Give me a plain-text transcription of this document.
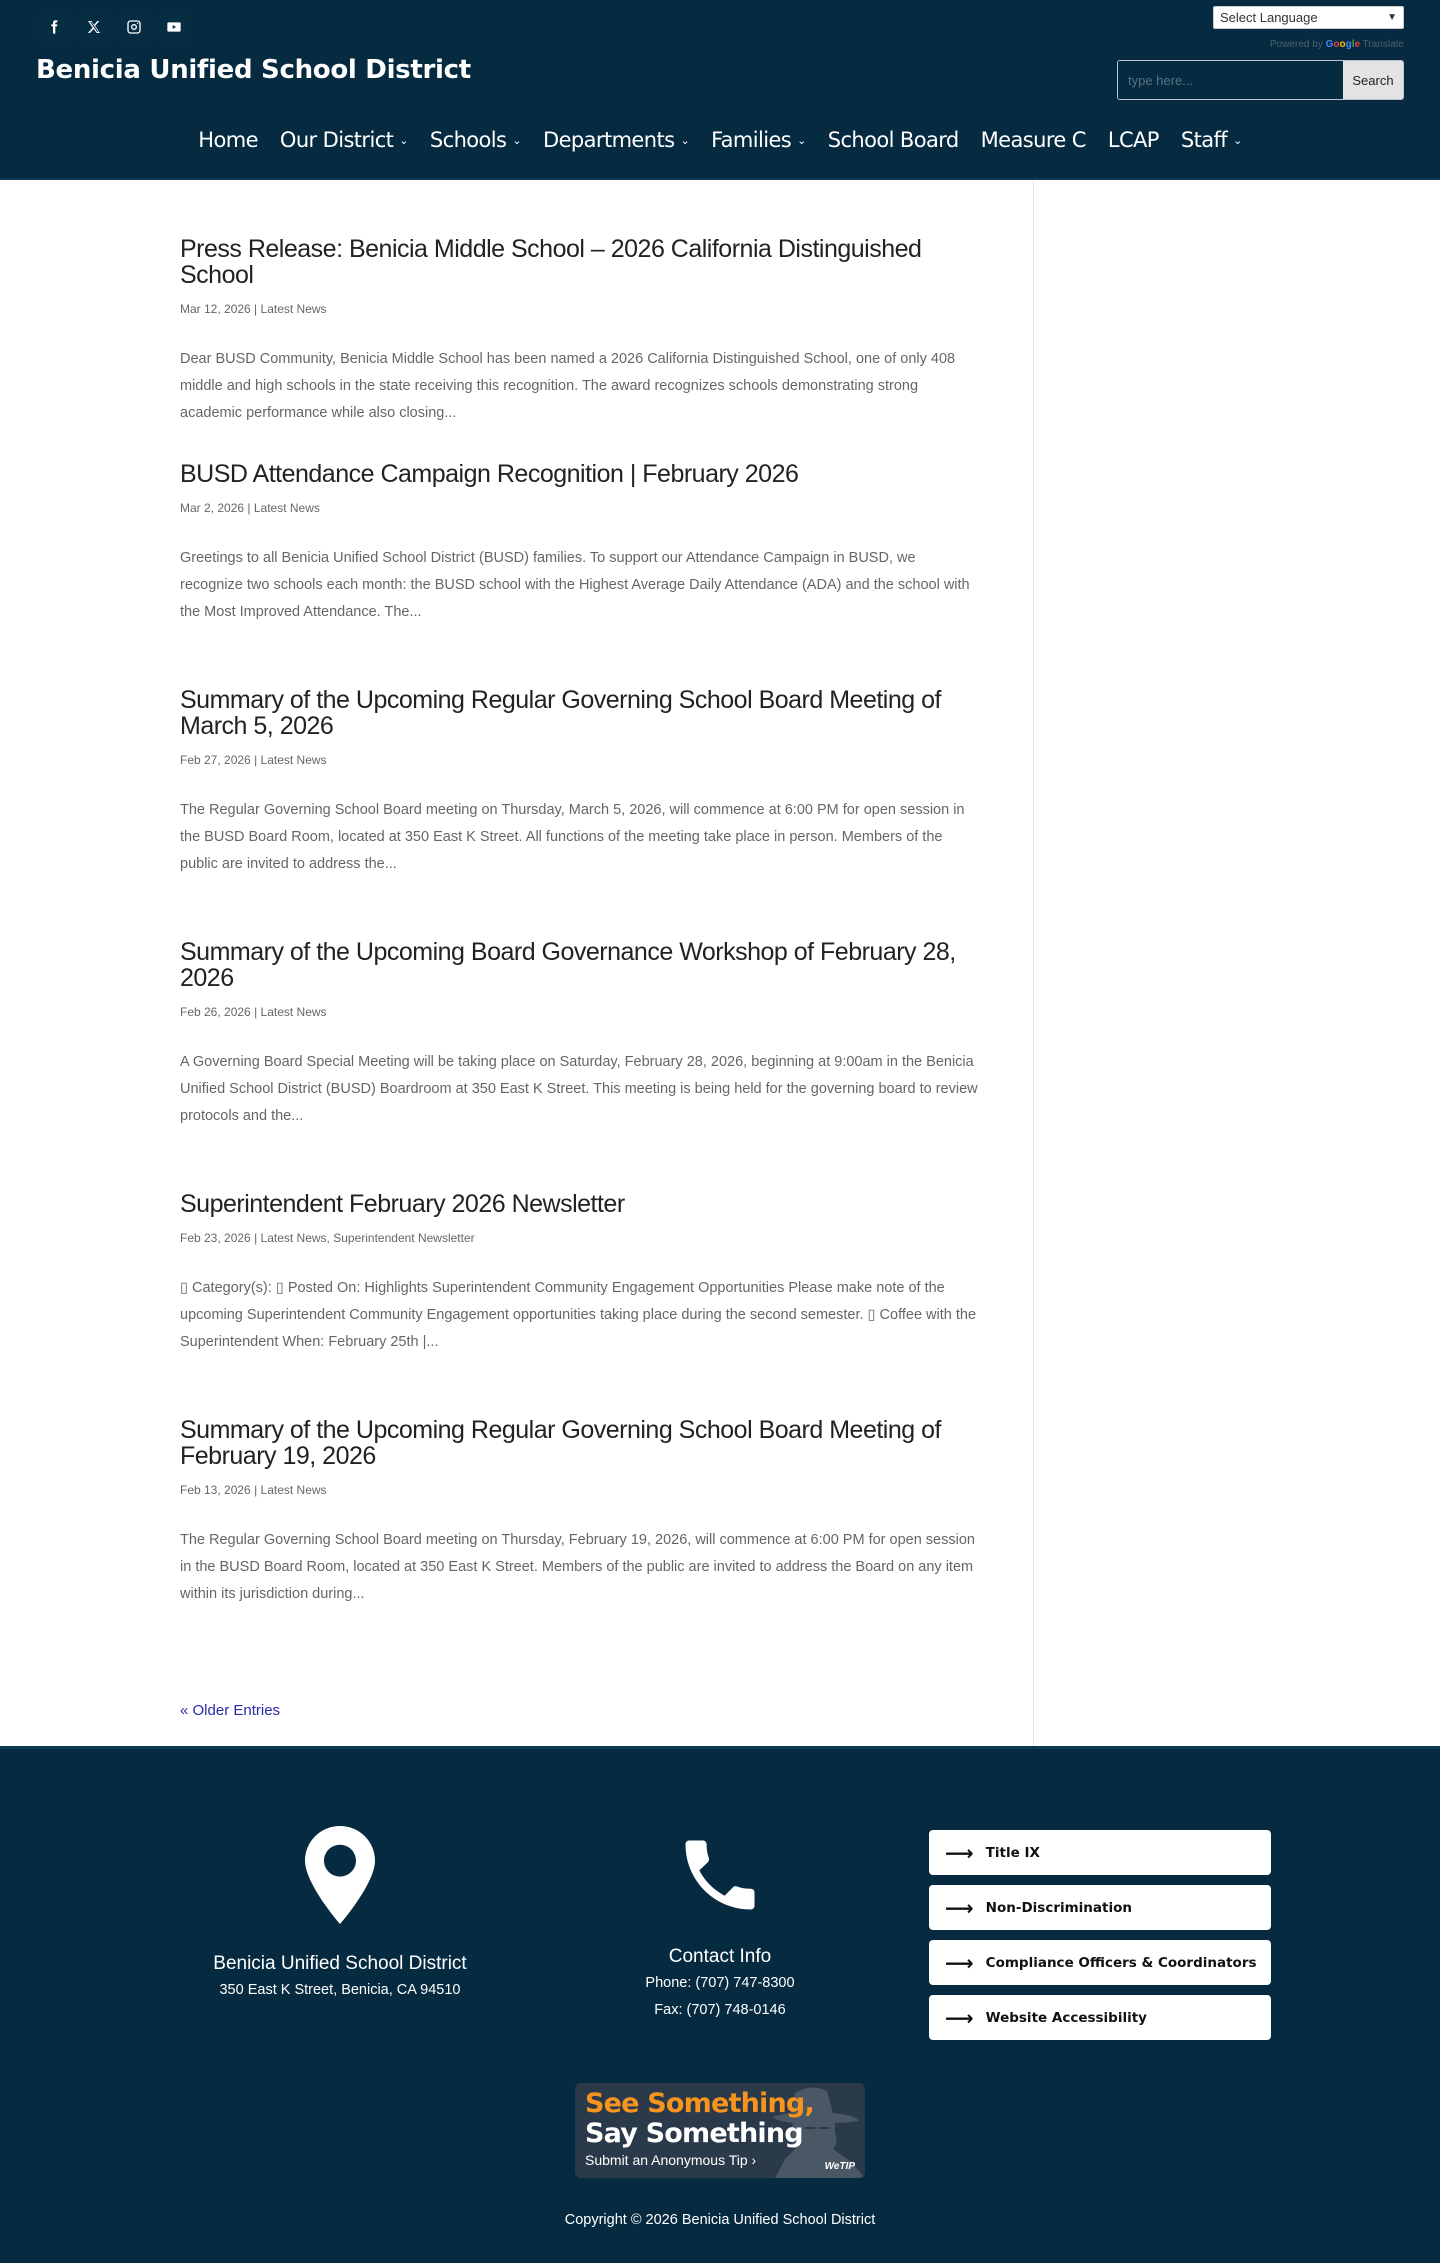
Benicia Unified School District
Select Language	▼
Powered by Google Translate
type here...
Search
Home Our District ⌄ Schools ⌄ Departments ⌄ Families ⌄ School Board Measure C LCAP Staff ⌄
Press Release: Benicia Middle School – 2026 California Distinguished School
Mar 12, 2026 | Latest News

Dear BUSD Community, Benicia Middle School has been named a 2026 California Distinguished School, one of only 408 middle and high schools in the state receiving this recognition. The award recognizes schools demonstrating strong academic performance while also closing...

BUSD Attendance Campaign Recognition | February 2026
Mar 2, 2026 | Latest News

Greetings to all Benicia Unified School District (BUSD) families. To support our Attendance Campaign in BUSD, we recognize two schools each month: the BUSD school with the Highest Average Daily Attendance (ADA) and the school with the Most Improved Attendance. The...

Summary of the Upcoming Regular Governing School Board Meeting of March 5, 2026
Feb 27, 2026 | Latest News

The Regular Governing School Board meeting on Thursday, March 5, 2026, will commence at 6:00 PM for open session in the BUSD Board Room, located at 350 East K Street. All functions of the meeting take place in person. Members of the public are invited to address the...

Summary of the Upcoming Board Governance Workshop of February 28, 2026
Feb 26, 2026 | Latest News

A Governing Board Special Meeting will be taking place on Saturday, February 28, 2026, beginning at 9:00am in the Benicia Unified School District (BUSD) Boardroom at 350 East K Street. This meeting is being held for the governing board to review protocols and the...

Superintendent February 2026 Newsletter
Feb 23, 2026 | Latest News, Superintendent Newsletter

▯ Category(s): ▯ Posted On: Highlights Superintendent Community Engagement Opportunities Please make note of the upcoming Superintendent Community Engagement opportunities taking place during the second semester. ▯ Coffee with the Superintendent When: February 25th |...

Summary of the Upcoming Regular Governing School Board Meeting of February 19, 2026
Feb 13, 2026 | Latest News

The Regular Governing School Board meeting on Thursday, February 19, 2026, will commence at 6:00 PM for open session in the BUSD Board Room, located at 350 East K Street. Members of the public are invited to address the Board on any item within its jurisdiction during...

« Older Entries
Benicia Unified School District

350 East K Street, Benicia, CA 94510

Contact Info

Phone: (707) 747-8300

Fax: (707) 748-0146

⟶ Title IX
⟶ Non-Discrimination
⟶ Compliance Officers & Coordinators
⟶ Website Accessibility
See Something,
Say Something
Submit an Anonymous Tip ›	WeTIP
Copyright © 2026 Benicia Unified School District
